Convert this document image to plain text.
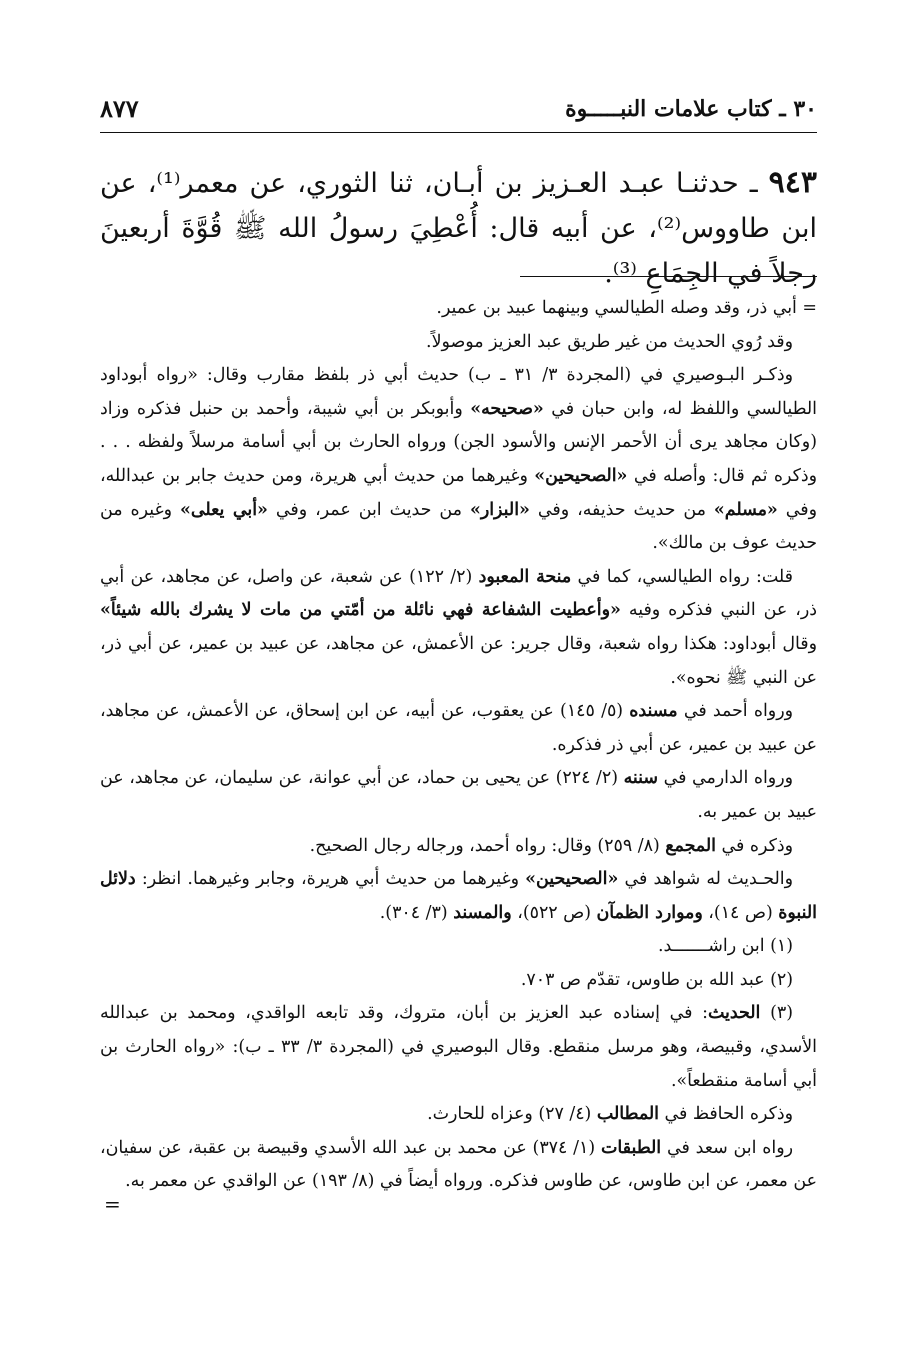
٣٠ ـ كتاب علامات النبـــــوة
٨٧٧
٩٤٣ ـ حدثنـا عبـد العـزيز بن أبـان، ثنا الثوري، عن معمر⁽¹⁾، عن ابن طاووس⁽²⁾، عن أبيه قال: أُعْطِيَ رسولُ الله ﷺ قُوَّةَ أربعينَ رجلاً في الجِمَاعِ ⁽³⁾.

= أبي ذر، وقد وصله الطيالسي وبينهما عبيد بن عمير.

وقد رُوي الحديث من غير طريق عبد العزيز موصولاً.

وذكـر البـوصيري في (المجردة ٣/ ٣١ ـ ب) حديث أبي ذر بلفظ مقارب وقال: «رواه أبوداود الطيالسي واللفظ له، وابن حبان في «صحيحه» وأبوبكر بن أبي شيبة، وأحمد بن حنبل فذكره وزاد (وكان مجاهد يرى أن الأحمر الإنس والأسود الجن) ورواه الحارث بن أبي أسامة مرسلاً ولفظه . . . وذكره ثم قال: وأصله في «الصحيحين» وغيرهما من حديث أبي هريرة، ومن حديث جابر بن عبدالله، وفي «مسلم» من حديث حذيفه، وفي «البزار» من حديث ابن عمر، وفي «أبي يعلى» وغيره من حديث عوف بن مالك».

قلت: رواه الطيالسي، كما في منحة المعبود (٢/ ١٢٢) عن شعبة، عن واصل، عن مجاهد، عن أبي ذر، عن النبي فذكره وفيه «وأعطيت الشفاعة فهي نائلة من أمّتي من مات لا يشرك بالله شيئاً» وقال أبوداود: هكذا رواه شعبة، وقال جرير: عن الأعمش، عن مجاهد، عن عبيد بن عمير، عن أبي ذر، عن النبي ﷺ نحوه».

ورواه أحمد في مسنده (٥/ ١٤٥) عن يعقوب، عن أبيه، عن ابن إسحاق، عن الأعمش، عن مجاهد، عن عبيد بن عمير، عن أبي ذر فذكره.

ورواه الدارمي في سننه (٢/ ٢٢٤) عن يحيى بن حماد، عن أبي عوانة، عن سليمان، عن مجاهد، عن عبيد بن عمير به.

وذكره في المجمع (٨/ ٢٥٩) وقال: رواه أحمد، ورجاله رجال الصحيح.

والحـديث له شواهد في «الصحيحين» وغيرهما من حديث أبي هريرة، وجابر وغيرهما. انظر: دلائل النبوة (ص ١٤)، وموارد الظمآن (ص ٥٢٢)، والمسند (٣/ ٣٠٤).

(١) ابن راشـــــــد.

(٢) عبد الله بن طاوس، تقدّم ص ٧٠٣.

(٣) الحديث: في إسناده عبد العزيز بن أبان، متروك، وقد تابعه الواقدي، ومحمد بن عبدالله الأسدي، وقبيصة، وهو مرسل منقطع. وقال البوصيري في (المجردة ٣/ ٣٣ ـ ب): «رواه الحارث بن أبي أسامة منقطعاً».

وذكره الحافظ في المطالب (٤/ ٢٧) وعزاه للحارث.

رواه ابن سعد في الطبقات (١/ ٣٧٤) عن محمد بن عبد الله الأسدي وقبيصة بن عقبة، عن سفيان، عن معمر، عن ابن طاوس، عن طاوس فذكره. ورواه أيضاً في (٨/ ١٩٣) عن الواقدي عن معمر به.

=
